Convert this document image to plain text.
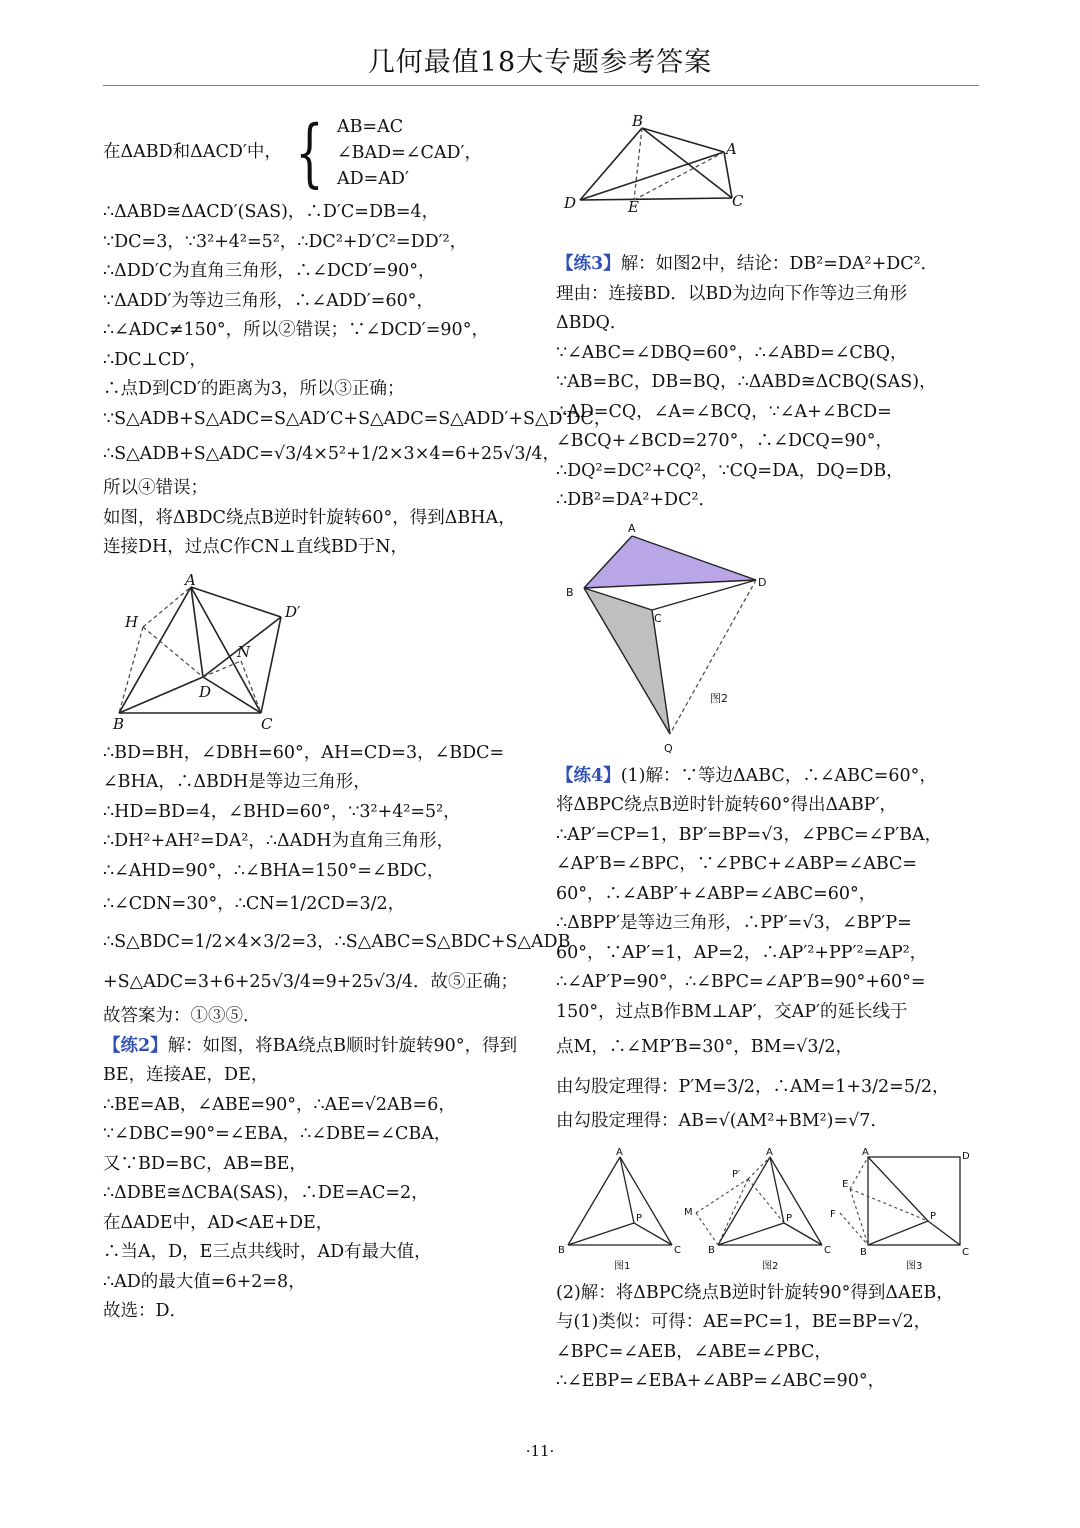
几何最值18大专题参考答案
在ΔABD和ΔACD′中， { AB=AC
∠BAD=∠CAD′，
AD=AD′
∴ΔABD≅ΔACD′(SAS)，∴D′C=DB=4，
∵DC=3，∵3²+4²=5²，∴DC²+D′C²=DD′²，
∴ΔDD′C为直角三角形，∴∠DCD′=90°，
∵ΔADD′为等边三角形，∴∠ADD′=60°，
∴∠ADC≠150°，所以②错误；∵∠DCD′=90°，
∴DC⊥CD′，
∴点D到CD′的距离为3，所以③正确；
∵S△ADB+S△ADC=S△AD′C+S△ADC=S△ADD′+S△D′DC，
∴S△ADB+S△ADC=√3/4×5²+1/2×3×4=6+25√3/4，
所以④错误；
如图，将ΔBDC绕点B逆时针旋转60°，得到ΔBHA，
连接DH，过点C作CN⊥直线BD于N，
A
H
D′
N
D
B	C
∴BD=BH，∠DBH=60°，AH=CD=3，∠BDC=
∠BHA，∴ΔBDH是等边三角形，
∴HD=BD=4，∠BHD=60°，∵3²+4²=5²，
∴DH²+AH²=DA²，∴ΔADH为直角三角形，
∴∠AHD=90°，∴∠BHA=150°=∠BDC，
∴∠CDN=30°，∴CN=1/2CD=3/2，
∴S△BDC=1/2×4×3/2=3，∴S△ABC=S△BDC+S△ADB
+S△ADC=3+6+25√3/4=9+25√3/4．故⑤正确；
故答案为：①③⑤．
【练2】解：如图，将BA绕点B顺时针旋转90°，得到
BE，连接AE，DE，
∴BE=AB，∠ABE=90°，∴AE=√2AB=6，
∵∠DBC=90°=∠EBA，∴∠DBE=∠CBA，
又∵BD=BC，AB=BE，
∴ΔDBE≅ΔCBA(SAS)，∴DE=AC=2，
在ΔADE中，AD<AE+DE，
∴当A，D，E三点共线时，AD有最大值，
∴AD的最大值=6+2=8，
故选：D．
B
A
D	E	C
【练3】解：如图2中，结论：DB²=DA²+DC²．
理由：连接BD．以BD为边向下作等边三角形
ΔBDQ．
∵∠ABC=∠DBQ=60°，∴∠ABD=∠CBQ，
∵AB=BC，DB=BQ，∴ΔABD≅ΔCBQ(SAS)，
∴AD=CQ，∠A=∠BCQ，∵∠A+∠BCD=
∠BCQ+∠BCD=270°，∴∠DCQ=90°，
∴DQ²=DC²+CQ²，∵CQ=DA，DQ=DB，
∴DB²=DA²+DC²．
A
B
C
D
Q
图2
【练4】(1)解：∵等边ΔABC，∴∠ABC=60°，
将ΔBPC绕点B逆时针旋转60°得出ΔABP′，
∴AP′=CP=1，BP′=BP=√3，∠PBC=∠P′BA，
∠AP′B=∠BPC，∵∠PBC+∠ABP=∠ABC=
60°，∴∠ABP′+∠ABP=∠ABC=60°，
∴ΔBPP′是等边三角形，∴PP′=√3，∠BP′P=
60°，∵AP′=1，AP=2，∴AP′²+PP′²=AP²，
∴∠AP′P=90°，∴∠BPC=∠AP′B=90°+60°=
150°，过点B作BM⊥AP′，交AP′的延长线于
点M，∴∠MP′B=30°，BM=√3/2，
由勾股定理得：P′M=3/2，∴AM=1+3/2=5/2，
由勾股定理得：AB=√(AM²+BM²)=√7．
A
P
B	C
A
P′
M
P
B	C
A	D
E
F	P
B	C
图1	图2	图3
(2)解：将ΔBPC绕点B逆时针旋转90°得到ΔAEB，
与(1)类似：可得：AE=PC=1，BE=BP=√2，
∠BPC=∠AEB，∠ABE=∠PBC，
∴∠EBP=∠EBA+∠ABP=∠ABC=90°，
·11·
